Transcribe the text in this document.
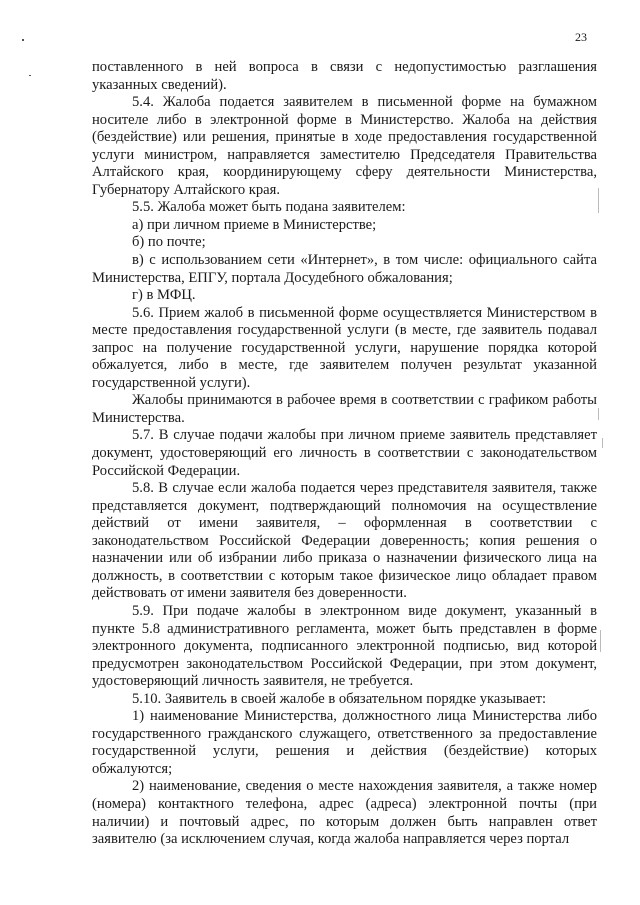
23

поставленного в ней вопроса в связи с недопустимостью разглашения указанных сведений).

5.4. Жалоба подается заявителем в письменной форме на бумажном носителе либо в электронной форме в Министерство. Жалоба на действия (бездействие) или решения, принятые в ходе предоставления государственной услуги министром, направляется заместителю Председателя Правительства Алтайского края, координирующему сферу деятельности Министерства, Губернатору Алтайского края.

5.5. Жалоба может быть подана заявителем:

а) при личном приеме в Министерстве;

б) по почте;

в) с использованием сети «Интернет», в том числе: официального сайта Министерства, ЕПГУ, портала Досудебного обжалования;

г) в МФЦ.

5.6. Прием жалоб в письменной форме осуществляется Министерством в месте предоставления государственной услуги (в месте, где заявитель подавал запрос на получение государственной услуги, нарушение порядка которой обжалуется, либо в месте, где заявителем получен результат указанной государственной услуги).

Жалобы принимаются в рабочее время в соответствии с графиком работы Министерства.

5.7. В случае подачи жалобы при личном приеме заявитель представляет документ, удостоверяющий его личность в соответствии с законодательством Российской Федерации.

5.8. В случае если жалоба подается через представителя заявителя, также представляется документ, подтверждающий полномочия на осуществление действий от имени заявителя, – оформленная в соответствии с законодательством Российской Федерации доверенность; копия решения о назначении или об избрании либо приказа о назначении физического лица на должность, в соответствии с которым такое физическое лицо обладает правом действовать от имени заявителя без доверенности.

5.9. При подаче жалобы в электронном виде документ, указанный в пункте 5.8 административного регламента, может быть представлен в форме электронного документа, подписанного электронной подписью, вид которой предусмотрен законодательством Российской Федерации, при этом документ, удостоверяющий личность заявителя, не требуется.

5.10. Заявитель в своей жалобе в обязательном порядке указывает:

1) наименование Министерства, должностного лица Министерства либо государственного гражданского служащего, ответственного за предоставление государственной услуги, решения и действия (бездействие) которых обжалуются;

2) наименование, сведения о месте нахождения заявителя, а также номер (номера) контактного телефона, адрес (адреса) электронной почты (при наличии) и почтовый адрес, по которым должен быть направлен ответ заявителю (за исключением случая, когда жалоба направляется через портал
